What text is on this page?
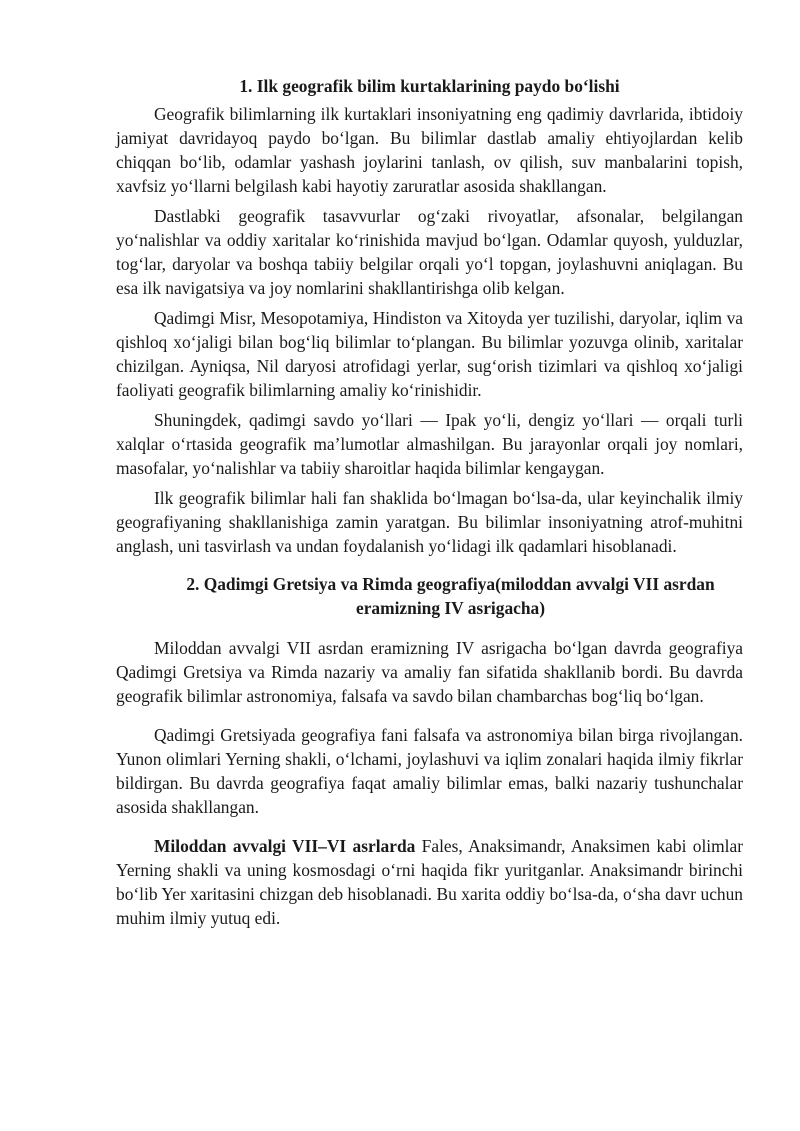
1. Ilk geografik bilim kurtaklarining paydo bo‘lishi

Geografik bilimlarning ilk kurtaklari insoniyatning eng qadimiy davrlarida, ibtidoiy jamiyat davridayoq paydo bo‘lgan. Bu bilimlar dastlab amaliy ehtiyojlardan kelib chiqqan bo‘lib, odamlar yashash joylarini tanlash, ov qilish, suv manbalarini topish, xavfsiz yo‘llarni belgilash kabi hayotiy zaruratlar asosida shakllangan.

Dastlabki geografik tasavvurlar og‘zaki rivoyatlar, afsonalar, belgilangan yo‘nalishlar va oddiy xaritalar ko‘rinishida mavjud bo‘lgan. Odamlar quyosh, yulduzlar, tog‘lar, daryolar va boshqa tabiiy belgilar orqali yo‘l topgan, joylashuvni aniqlagan. Bu esa ilk navigatsiya va joy nomlarini shakllantirishga olib kelgan.

Qadimgi Misr, Mesopotamiya, Hindiston va Xitoyda yer tuzilishi, daryolar, iqlim va qishloq xo‘jaligi bilan bog‘liq bilimlar to‘plangan. Bu bilimlar yozuvga olinib, xaritalar chizilgan. Ayniqsa, Nil daryosi atrofidagi yerlar, sug‘orish tizimlari va qishloq xo‘jaligi faoliyati geografik bilimlarning amaliy ko‘rinishidir.

Shuningdek, qadimgi savdo yo‘llari — Ipak yo‘li, dengiz yo‘llari — orqali turli xalqlar o‘rtasida geografik ma’lumotlar almashilgan. Bu jarayonlar orqali joy nomlari, masofalar, yo‘nalishlar va tabiiy sharoitlar haqida bilimlar kengaygan.

Ilk geografik bilimlar hali fan shaklida bo‘lmagan bo‘lsa-da, ular keyinchalik ilmiy geografiyaning shakllanishiga zamin yaratgan. Bu bilimlar insoniyatning atrof-muhitni anglash, uni tasvirlash va undan foydalanish yo‘lidagi ilk qadamlari hisoblanadi.

2. Qadimgi Gretsiya va Rimda geografiya(miloddan avvalgi VII asrdan
eramizning IV asrigacha)

Miloddan avvalgi VII asrdan eramizning IV asrigacha bo‘lgan davrda geografiya Qadimgi Gretsiya va Rimda nazariy va amaliy fan sifatida shakllanib bordi. Bu davrda geografik bilimlar astronomiya, falsafa va savdo bilan chambarchas bog‘liq bo‘lgan.

Qadimgi Gretsiyada geografiya fani falsafa va astronomiya bilan birga rivojlangan. Yunon olimlari Yerning shakli, o‘lchami, joylashuvi va iqlim zonalari haqida ilmiy fikrlar bildirgan. Bu davrda geografiya faqat amaliy bilimlar emas, balki nazariy tushunchalar asosida shakllangan.

Miloddan avvalgi VII–VI asrlarda Fales, Anaksimandr, Anaksimen kabi olimlar Yerning shakli va uning kosmosdagi o‘rni haqida fikr yuritganlar. Anaksimandr birinchi bo‘lib Yer xaritasini chizgan deb hisoblanadi. Bu xarita oddiy bo‘lsa-da, o‘sha davr uchun muhim ilmiy yutuq edi.
